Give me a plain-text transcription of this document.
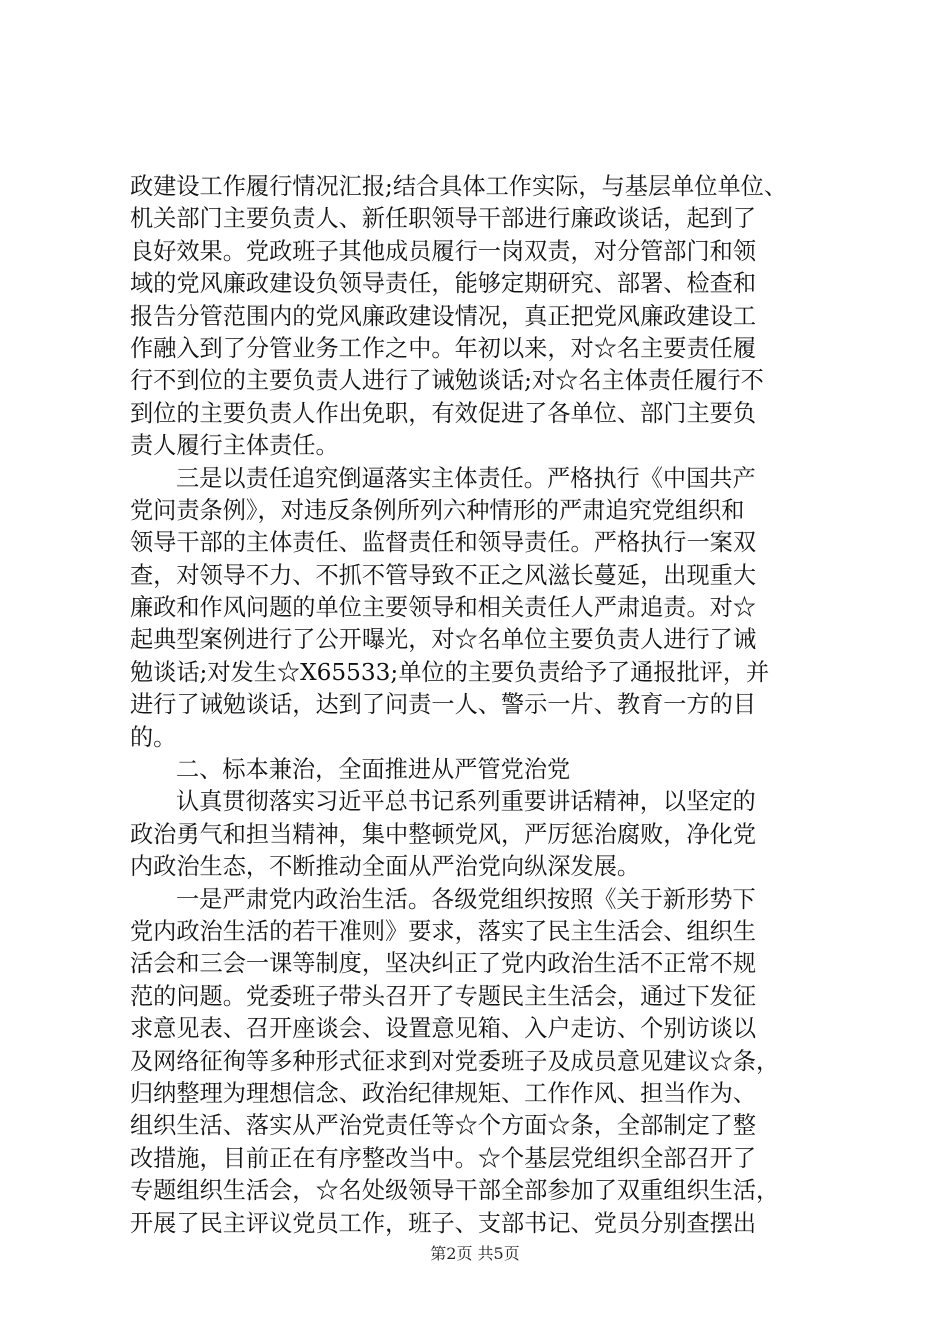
政建设工作履行情况汇报;结合具体工作实际，与基层单位单位、
机关部门主要负责人、新任职领导干部进行廉政谈话，起到了
良好效果。党政班子其他成员履行一岗双责，对分管部门和领
域的党风廉政建设负领导责任，能够定期研究、部署、检查和
报告分管范围内的党风廉政建设情况，真正把党风廉政建设工
作融入到了分管业务工作之中。年初以来，对☆名主要责任履
行不到位的主要负责人进行了诫勉谈话;对☆名主体责任履行不
到位的主要负责人作出免职，有效促进了各单位、部门主要负
责人履行主体责任。
三是以责任追究倒逼落实主体责任。严格执行《中国共产
党问责条例》，对违反条例所列六种情形的严肃追究党组织和
领导干部的主体责任、监督责任和领导责任。严格执行一案双
查，对领导不力、不抓不管导致不正之风滋长蔓延，出现重大
廉政和作风问题的单位主要领导和相关责任人严肃追责。对☆
起典型案例进行了公开曝光，对☆名单位主要负责人进行了诫
勉谈话;对发生☆X65533;单位的主要负责给予了通报批评，并
进行了诫勉谈话，达到了问责一人、警示一片、教育一方的目
的。
二、标本兼治，全面推进从严管党治党
认真贯彻落实习近平总书记系列重要讲话精神，以坚定的
政治勇气和担当精神，集中整顿党风，严厉惩治腐败，净化党
内政治生态，不断推动全面从严治党向纵深发展。
一是严肃党内政治生活。各级党组织按照《关于新形势下
党内政治生活的若干准则》要求，落实了民主生活会、组织生
活会和三会一课等制度，坚决纠正了党内政治生活不正常不规
范的问题。党委班子带头召开了专题民主生活会，通过下发征
求意见表、召开座谈会、设置意见箱、入户走访、个别访谈以
及网络征徇等多种形式征求到对党委班子及成员意见建议☆条，
归纳整理为理想信念、政治纪律规矩、工作作风、担当作为、
组织生活、落实从严治党责任等☆个方面☆条，全部制定了整
改措施，目前正在有序整改当中。☆个基层党组织全部召开了
专题组织生活会，☆名处级领导干部全部参加了双重组织生活，
开展了民主评议党员工作，班子、支部书记、党员分别查摆出
第2页 共5页
